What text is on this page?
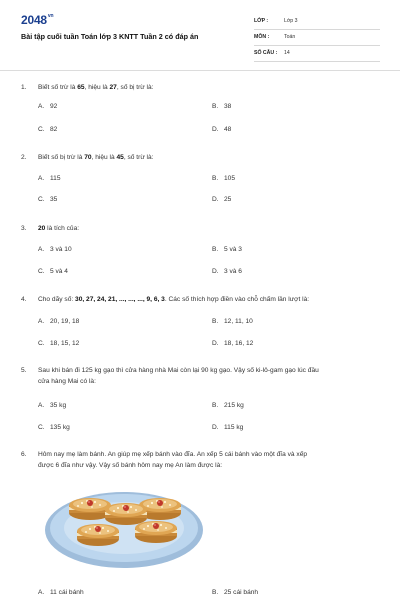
$2048^{vn}$
Bài tập cuối tuần Toán lớp 3 KNTT Tuần 2 có đáp án
LỚP :	Lớp 3
MÔN :	Toán
SỐ CÂU : 14
1. Biết số trừ là 65, hiệu là 27, số bị trừ là:
A. 92	B. 38
C. 82	D. 48
2. Biết số bị trừ là 70, hiệu là 45, số trừ là:
A. 115	B. 105
C. 35	D. 25
3. 20 là tích của:
A. 3 và 10	B. 5 và 3
C. 5 và 4	D. 3 và 6
4. Cho dãy số: 30, 27, 24, 21, ..., ..., ..., 9, 6, 3. Các số thích hợp điền vào chỗ chấm lần lượt là:
A. 20, 19, 18	B. 12, 11, 10
C. 18, 15, 12	D. 18, 16, 12
5. Sau khi bán đi 125 kg gạo thì cửa hàng nhà Mai còn lại 90 kg gạo. Vậy số ki-lô-gam gạo lúc đầu
cửa hàng Mai có là:
A. 35 kg	B. 215 kg
C. 135 kg	D. 115 kg
6. Hôm nay mẹ làm bánh. An giúp mẹ xếp bánh vào đĩa. An xếp 5 cái bánh vào một đĩa và xếp
được 6 đĩa như vậy. Vậy số bánh hôm nay mẹ An làm được là:
A. 11 cái bánh	B. 25 cái bánh
